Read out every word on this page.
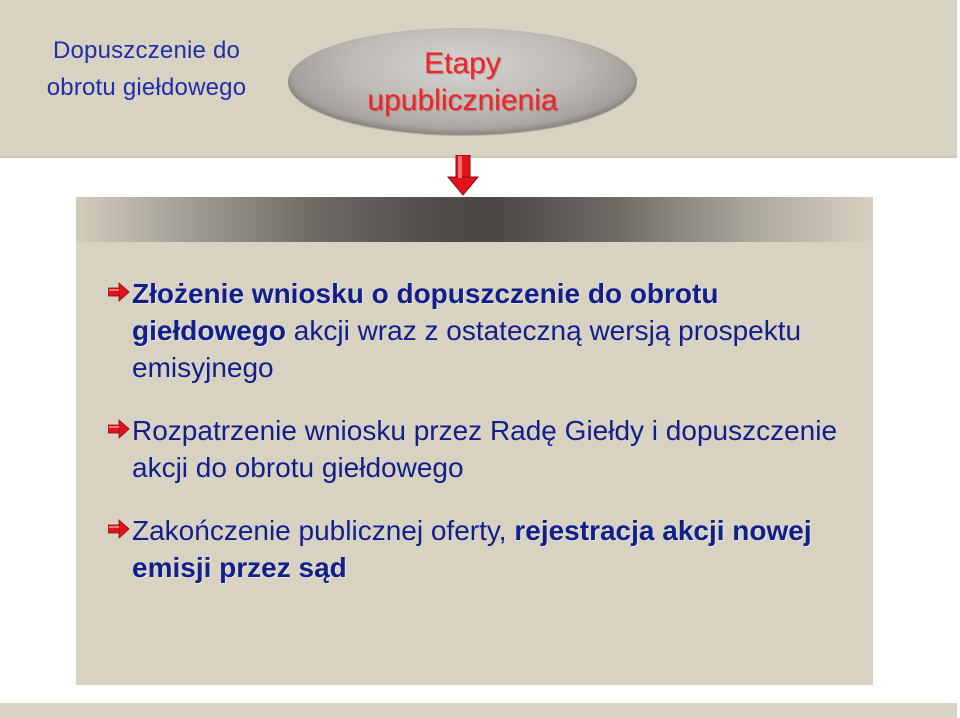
Dopuszczenie do
obrotu giełdowego
Etapy
upublicznienia
Złożenie wniosku o dopuszczenie do obrotu giełdowego akcji wraz z ostateczną wersją prospektu emisyjnego
Rozpatrzenie wniosku przez Radę Giełdy i dopuszczenie akcji do obrotu giełdowego
Zakończenie publicznej oferty, rejestracja akcji nowej emisji przez sąd
